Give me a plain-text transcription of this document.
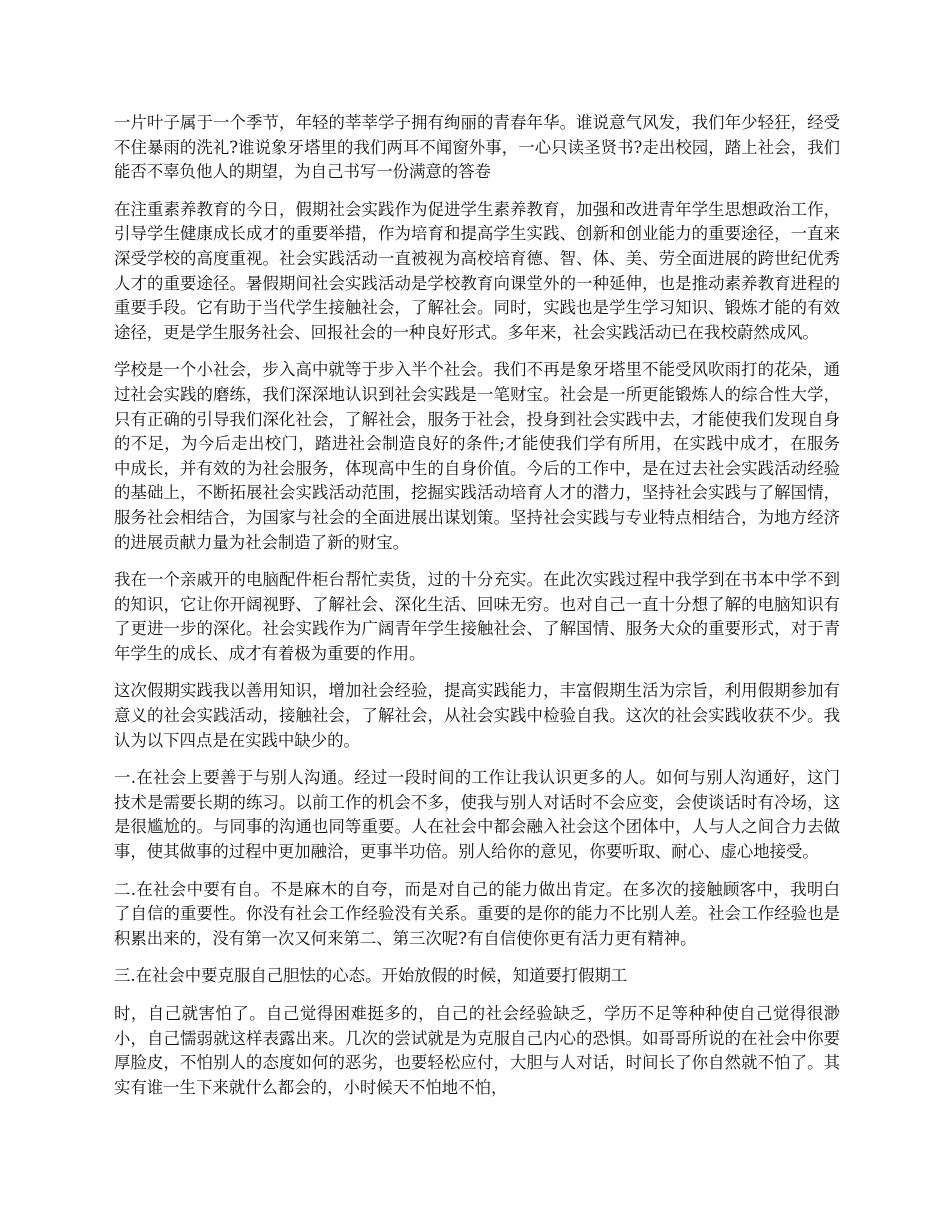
一片叶子属于一个季节，年轻的莘莘学子拥有绚丽的青春年华。谁说意气风发，我们年少轻狂，经受不住暴雨的洗礼?谁说象牙塔里的我们两耳不闻窗外事，一心只读圣贤书?走出校园，踏上社会，我们能否不辜负他人的期望，为自己书写一份满意的答卷

在注重素养教育的今日，假期社会实践作为促进学生素养教育，加强和改进青年学生思想政治工作，引导学生健康成长成才的重要举措，作为培育和提高学生实践、创新和创业能力的重要途径，一直来深受学校的高度重视。社会实践活动一直被视为高校培育德、智、体、美、劳全面进展的跨世纪优秀人才的重要途径。暑假期间社会实践活动是学校教育向课堂外的一种延伸，也是推动素养教育进程的重要手段。它有助于当代学生接触社会，了解社会。同时，实践也是学生学习知识、锻炼才能的有效途径，更是学生服务社会、回报社会的一种良好形式。多年来，社会实践活动已在我校蔚然成风。

学校是一个小社会，步入高中就等于步入半个社会。我们不再是象牙塔里不能受风吹雨打的花朵，通过社会实践的磨练，我们深深地认识到社会实践是一笔财宝。社会是一所更能锻炼人的综合性大学，只有正确的引导我们深化社会，了解社会，服务于社会，投身到社会实践中去，才能使我们发现自身的不足，为今后走出校门，踏进社会制造良好的条件;才能使我们学有所用，在实践中成才，在服务中成长，并有效的为社会服务，体现高中生的自身价值。今后的工作中，是在过去社会实践活动经验的基础上，不断拓展社会实践活动范围，挖掘实践活动培育人才的潜力，坚持社会实践与了解国情，服务社会相结合，为国家与社会的全面进展出谋划策。坚持社会实践与专业特点相结合，为地方经济的进展贡献力量为社会制造了新的财宝。

我在一个亲戚开的电脑配件柜台帮忙卖货，过的十分充实。在此次实践过程中我学到在书本中学不到的知识，它让你开阔视野、了解社会、深化生活、回味无穷。也对自己一直十分想了解的电脑知识有了更进一步的深化。社会实践作为广阔青年学生接触社会、了解国情、服务大众的重要形式，对于青年学生的成长、成才有着极为重要的作用。

这次假期实践我以善用知识，增加社会经验，提高实践能力，丰富假期生活为宗旨，利用假期参加有意义的社会实践活动，接触社会，了解社会，从社会实践中检验自我。这次的社会实践收获不少。我认为以下四点是在实践中缺少的。

一.在社会上要善于与别人沟通。经过一段时间的工作让我认识更多的人。如何与别人沟通好，这门技术是需要长期的练习。以前工作的机会不多，使我与别人对话时不会应变，会使谈话时有冷场，这是很尴尬的。与同事的沟通也同等重要。人在社会中都会融入社会这个团体中，人与人之间合力去做事，使其做事的过程中更加融洽，更事半功倍。别人给你的意见，你要听取、耐心、虚心地接受。

二.在社会中要有自。不是麻木的自夸，而是对自己的能力做出肯定。在多次的接触顾客中，我明白了自信的重要性。你没有社会工作经验没有关系。重要的是你的能力不比别人差。社会工作经验也是积累出来的，没有第一次又何来第二、第三次呢?有自信使你更有活力更有精神。

三.在社会中要克服自己胆怯的心态。开始放假的时候，知道要打假期工

时，自己就害怕了。自己觉得困难挺多的，自己的社会经验缺乏，学历不足等种种使自己觉得很渺小，自己懦弱就这样表露出来。几次的尝试就是为克服自己内心的恐惧。如哥哥所说的在社会中你要厚脸皮，不怕别人的态度如何的恶劣，也要轻松应付，大胆与人对话，时间长了你自然就不怕了。其实有谁一生下来就什么都会的，小时候天不怕地不怕，
